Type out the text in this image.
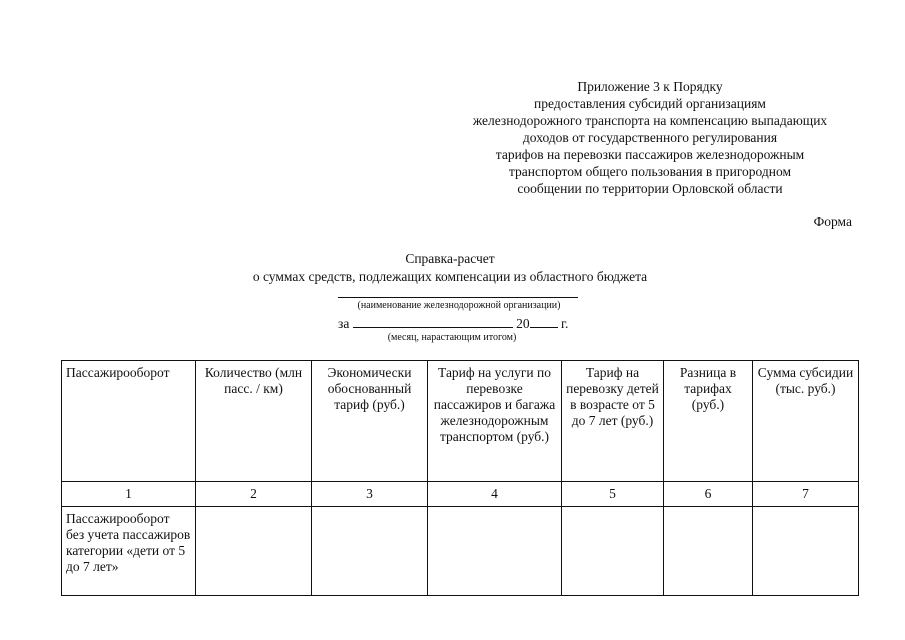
Приложение 3 к Порядку
предоставления субсидий организациям
железнодорожного транспорта на компенсацию выпадающих
доходов от государственного регулирования
тарифов на перевозки пассажиров железнодорожным
транспортом общего пользования в пригородном
сообщении по территории Орловской области
Форма
Справка-расчет
о суммах средств, подлежащих компенсации из областного бюджета
(наименование железнодорожной организации)
за	20 г.
(месяц, нарастающим итогом)
Пассажирооборот	Количество (млн пасс. / км)	Экономически обоснованный тариф (руб.)	Тариф на услуги по перевозке пассажиров и багажа железнодорожным транспортом (руб.)	Тариф на перевозку детей в возрасте от 5 до 7 лет (руб.)	Разница в тарифах (руб.)	Сумма субсидии (тыс. руб.)
1	2	3	4	5	6	7
Пассажирооборот без учета пассажиров категории «дети от 5 до 7 лет»						
